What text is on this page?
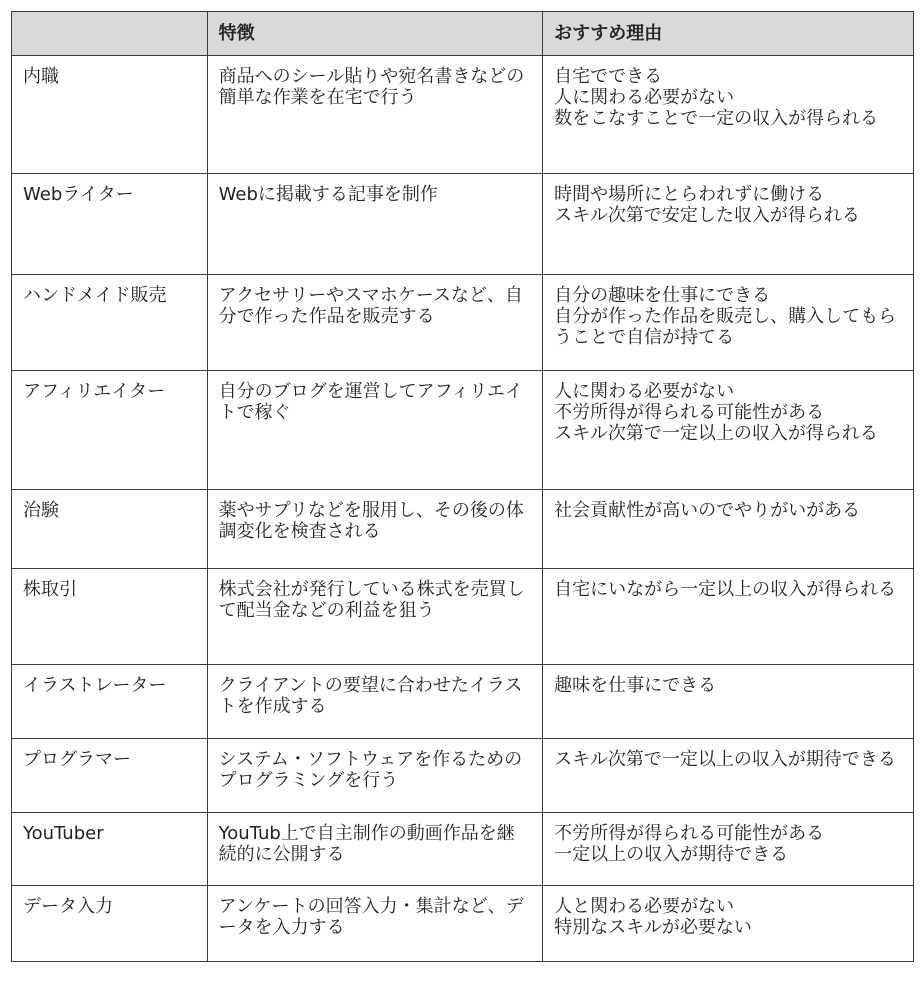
	特徴	おすすめ理由
内職	商品へのシール貼りや宛名書きなどの簡単な作業を在宅で行う	自宅でできる
人に関わる必要がない
数をこなすことで一定の収入が得られる

Webライター	Webに掲載する記事を制作	時間や場所にとらわれずに働ける
スキル次第で安定した収入が得られる

ハンドメイド販売	アクセサリーやスマホケースなど、自分で作った作品を販売する	自分の趣味を仕事にできる
自分が作った作品を販売し、購入してもらうことで自信が持てる

アフィリエイター	自分のブログを運営してアフィリエイトで稼ぐ	人に関わる必要がない
不労所得が得られる可能性がある
スキル次第で一定以上の収入が得られる

治験	薬やサプリなどを服用し、その後の体調変化を検査される	社会貢献性が高いのでやりがいがある

株取引	株式会社が発行している株式を売買して配当金などの利益を狙う	自宅にいながら一定以上の収入が得られる

イラストレーター	クライアントの要望に合わせたイラストを作成する	趣味を仕事にできる

プログラマー	システム・ソフトウェアを作るためのプログラミングを行う	スキル次第で一定以上の収入が期待できる

YouTuber	YouTub上で自主制作の動画作品を継続的に公開する	不労所得が得られる可能性がある
一定以上の収入が期待できる

データ入力	アンケートの回答入力・集計など、データを入力する	人と関わる必要がない
特別なスキルが必要ない
